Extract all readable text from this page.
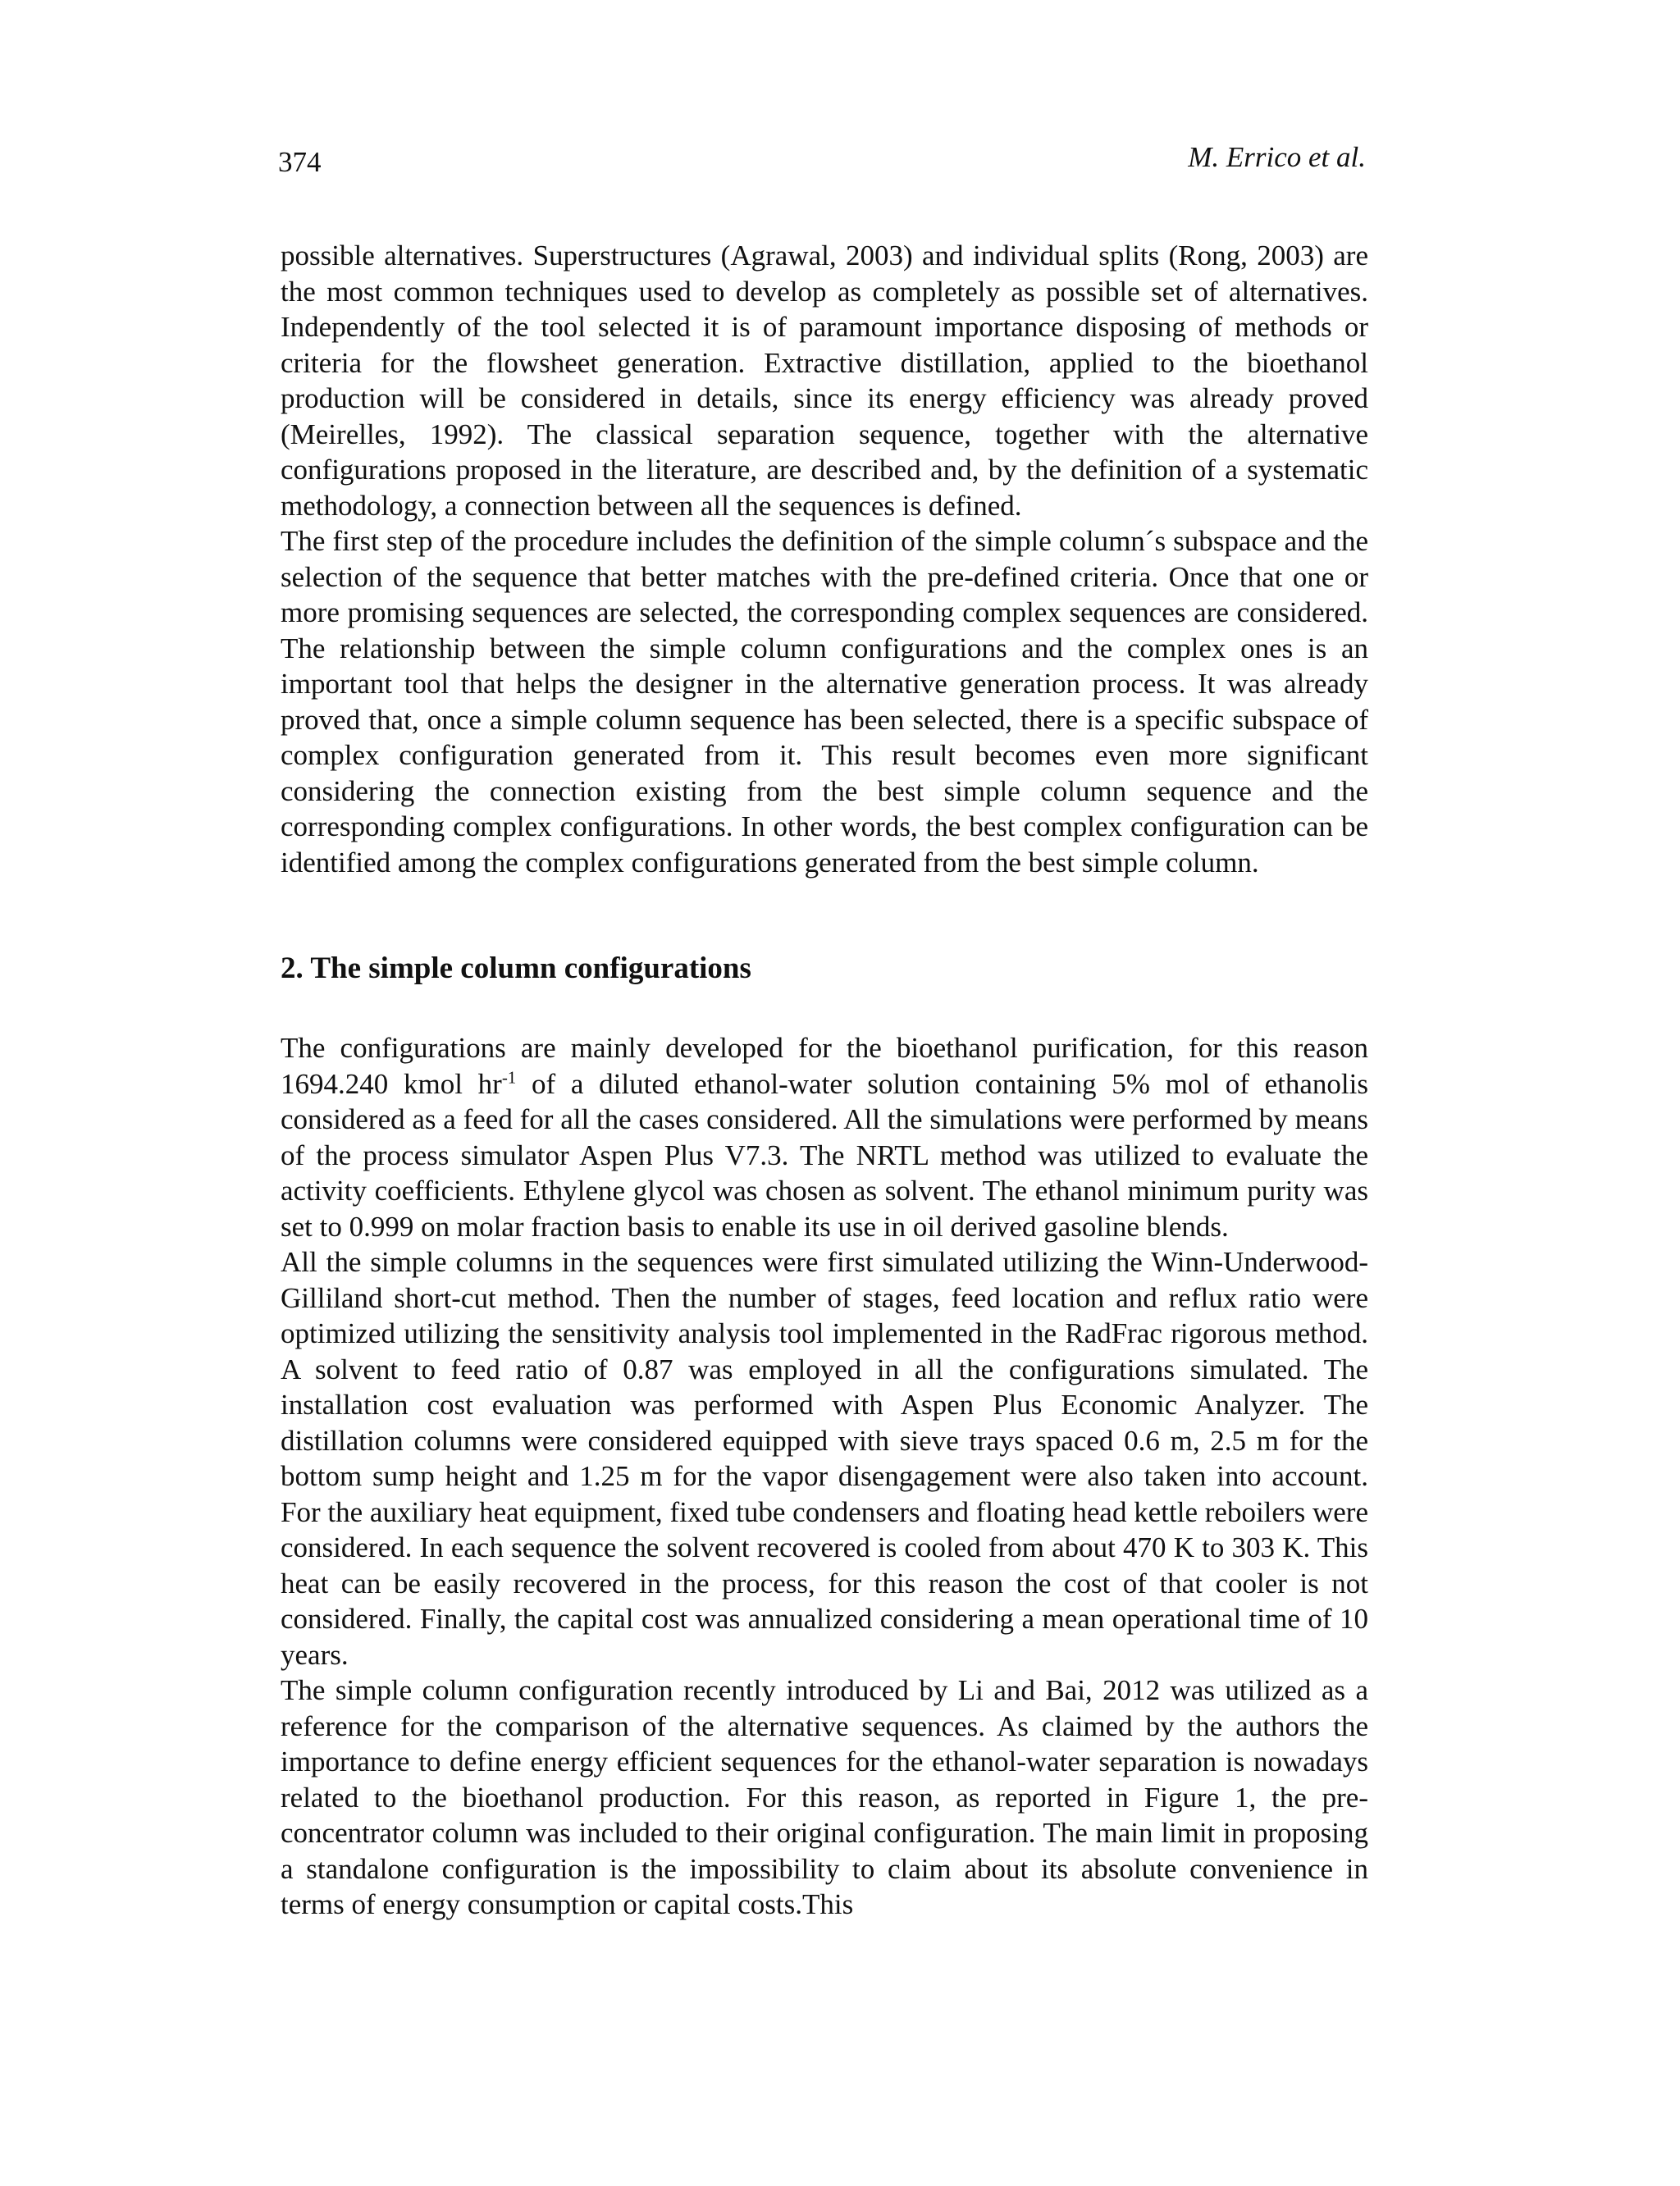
374	M. Errico et al.

possible alternatives. Superstructures (Agrawal, 2003) and individual splits (Rong, 2003) are the most common techniques used to develop as completely as possible set of alternatives. Independently of the tool selected it is of paramount importance disposing of methods or criteria for the flowsheet generation. Extractive distillation, applied to the bioethanol production will be considered in details, since its energy efficiency was already proved (Meirelles, 1992). The classical separation sequence, together with the alternative configurations proposed in the literature, are described and, by the definition of a systematic methodology, a connection between all the sequences is defined.

The first step of the procedure includes the definition of the simple column´s subspace and the selection of the sequence that better matches with the pre-defined criteria. Once that one or more promising sequences are selected, the corresponding complex sequences are considered. The relationship between the simple column configurations and the complex ones is an important tool that helps the designer in the alternative generation process. It was already proved that, once a simple column sequence has been selected, there is a specific subspace of complex configuration generated from it. This result becomes even more significant considering the connection existing from the best simple column sequence and the corresponding complex configurations. In other words, the best complex configuration can be identified among the complex configurations generated from the best simple column.

2. The simple column configurations

The configurations are mainly developed for the bioethanol purification, for this reason 1694.240 kmol $hr^{-1}$ of a diluted ethanol-water solution containing 5% mol of ethanolis considered as a feed for all the cases considered. All the simulations were performed by means of the process simulator Aspen Plus V7.3. The NRTL method was utilized to evaluate the activity coefficients. Ethylene glycol was chosen as solvent. The ethanol minimum purity was set to 0.999 on molar fraction basis to enable its use in oil derived gasoline blends.

All the simple columns in the sequences were first simulated utilizing the Winn-Underwood-Gilliland short-cut method. Then the number of stages, feed location and reflux ratio were optimized utilizing the sensitivity analysis tool implemented in the RadFrac rigorous method. A solvent to feed ratio of 0.87 was employed in all the configurations simulated. The installation cost evaluation was performed with Aspen Plus Economic Analyzer. The distillation columns were considered equipped with sieve trays spaced 0.6 m, 2.5 m for the bottom sump height and 1.25 m for the vapor disengagement were also taken into account. For the auxiliary heat equipment, fixed tube condensers and floating head kettle reboilers were considered. In each sequence the solvent recovered is cooled from about 470 K to 303 K. This heat can be easily recovered in the process, for this reason the cost of that cooler is not considered. Finally, the capital cost was annualized considering a mean operational time of 10 years.

The simple column configuration recently introduced by Li and Bai, 2012 was utilized as a reference for the comparison of the alternative sequences. As claimed by the authors the importance to define energy efficient sequences for the ethanol-water separation is nowadays related to the bioethanol production. For this reason, as reported in Figure 1, the pre-concentrator column was included to their original configuration. The main limit in proposing a standalone configuration is the impossibility to claim about its absolute convenience in terms of energy consumption or capital costs.This
